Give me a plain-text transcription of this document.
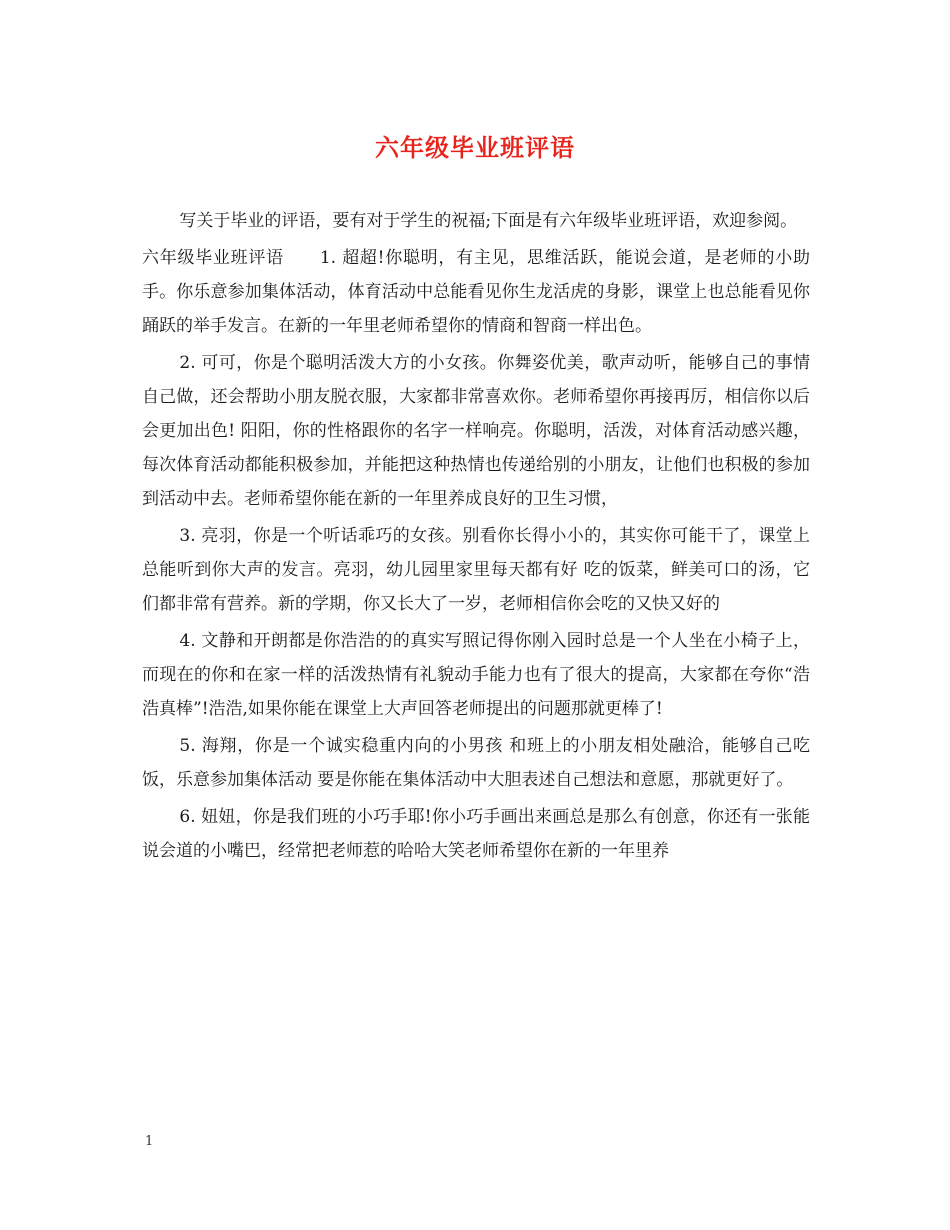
六年级毕业班评语

写关于毕业的评语，要有对于学生的祝福;下面是有六年级毕业班评语，欢迎参阅。

六年级毕业班评语 1. 超超!你聪明，有主见，思维活跃，能说会道，是老师的小助手。你乐意参加集体活动，体育活动中总能看见你生龙活虎的身影，课堂上也总能看见你踊跃的举手发言。在新的一年里老师希望你的情商和智商一样出色。

2. 可可，你是个聪明活泼大方的小女孩。你舞姿优美，歌声动听，能够自己的事情自己做，还会帮助小朋友脱衣服，大家都非常喜欢你。老师希望你再接再厉，相信你以后会更加出色! 阳阳，你的性格跟你的名字一样响亮。你聪明，活泼，对体育活动感兴趣，每次体育活动都能积极参加，并能把这种热情也传递给别的小朋友，让他们也积极的参加到活动中去。老师希望你能在新的一年里养成良好的卫生习惯，

3. 亮羽，你是一个听话乖巧的女孩。别看你长得小小的，其实你可能干了，课堂上总能听到你大声的发言。亮羽，幼儿园里家里每天都有好 吃的饭菜，鲜美可口的汤，它们都非常有营养。新的学期，你又长大了一岁，老师相信你会吃的又快又好的

4. 文静和开朗都是你浩浩的的真实写照记得你刚入园时总是一个人坐在小椅子上，而现在的你和在家一样的活泼热情有礼貌动手能力也有了很大的提高，大家都在夸你“浩浩真棒”!浩浩,如果你能在课堂上大声回答老师提出的问题那就更棒了!

5. 海翔，你是一个诚实稳重内向的小男孩 和班上的小朋友相处融洽，能够自己吃饭，乐意参加集体活动 要是你能在集体活动中大胆表述自己想法和意愿，那就更好了。

6. 妞妞，你是我们班的小巧手耶!你小巧手画出来画总是那么有创意，你还有一张能说会道的小嘴巴，经常把老师惹的哈哈大笑老师希望你在新的一年里养

1
